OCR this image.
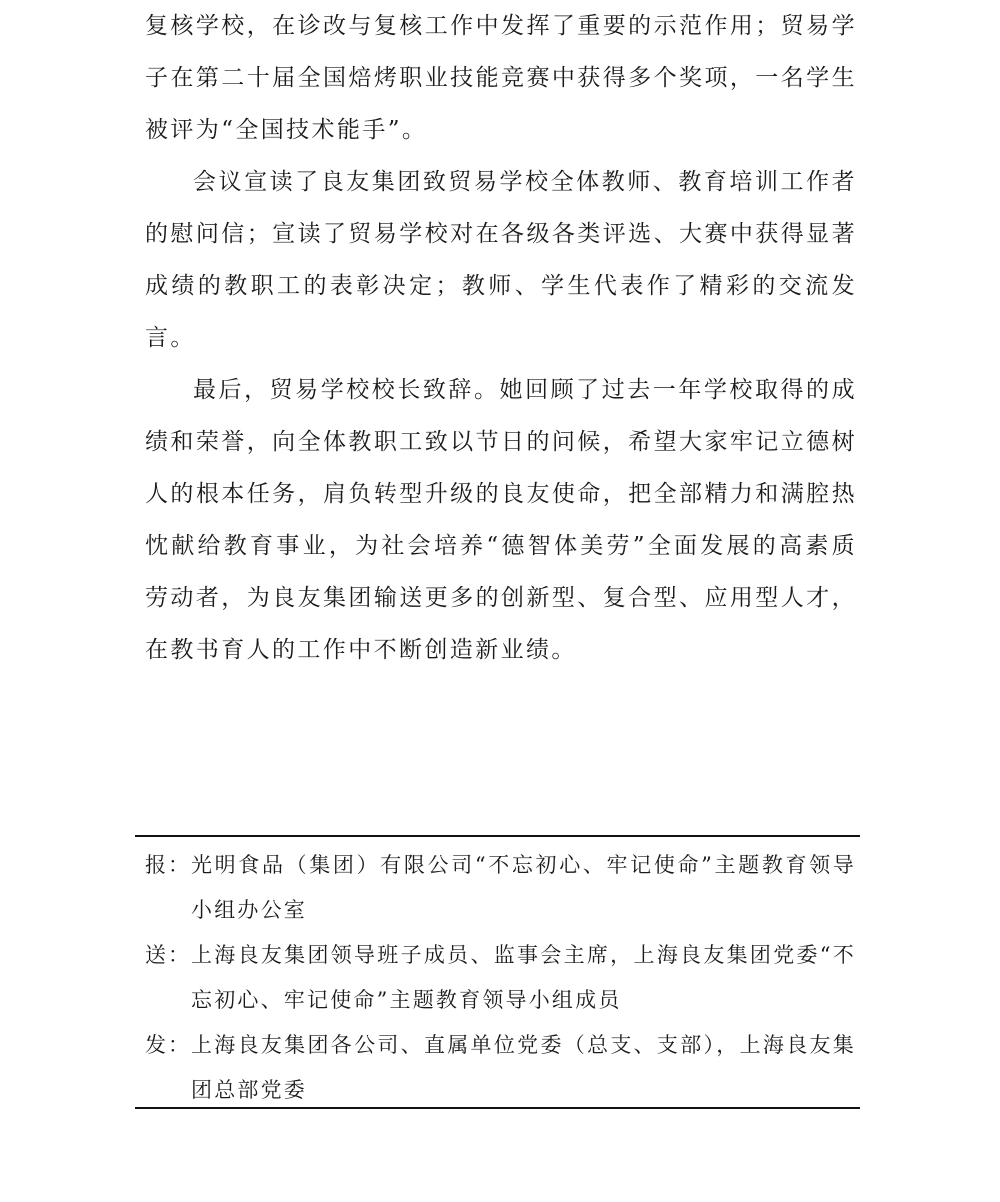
复核学校，在诊改与复核工作中发挥了重要的示范作用；贸易学子在第二十届全国焙烤职业技能竞赛中获得多个奖项，一名学生被评为“全国技术能手”。

会议宣读了良友集团致贸易学校全体教师、教育培训工作者的慰问信；宣读了贸易学校对在各级各类评选、大赛中获得显著成绩的教职工的表彰决定；教师、学生代表作了精彩的交流发言。

最后，贸易学校校长致辞。她回顾了过去一年学校取得的成绩和荣誉，向全体教职工致以节日的问候，希望大家牢记立德树人的根本任务，肩负转型升级的良友使命，把全部精力和满腔热忱献给教育事业，为社会培养“德智体美劳”全面发展的高素质劳动者，为良友集团输送更多的创新型、复合型、应用型人才，在教书育人的工作中不断创造新业绩。

报： 光明食品（集团）有限公司“不忘初心、牢记使命”主题教育领导小组办公室
送： 上海良友集团领导班子成员、监事会主席，上海良友集团党委“不忘初心、牢记使命”主题教育领导小组成员
发： 上海良友集团各公司、直属单位党委（总支、支部），上海良友集团总部党委
